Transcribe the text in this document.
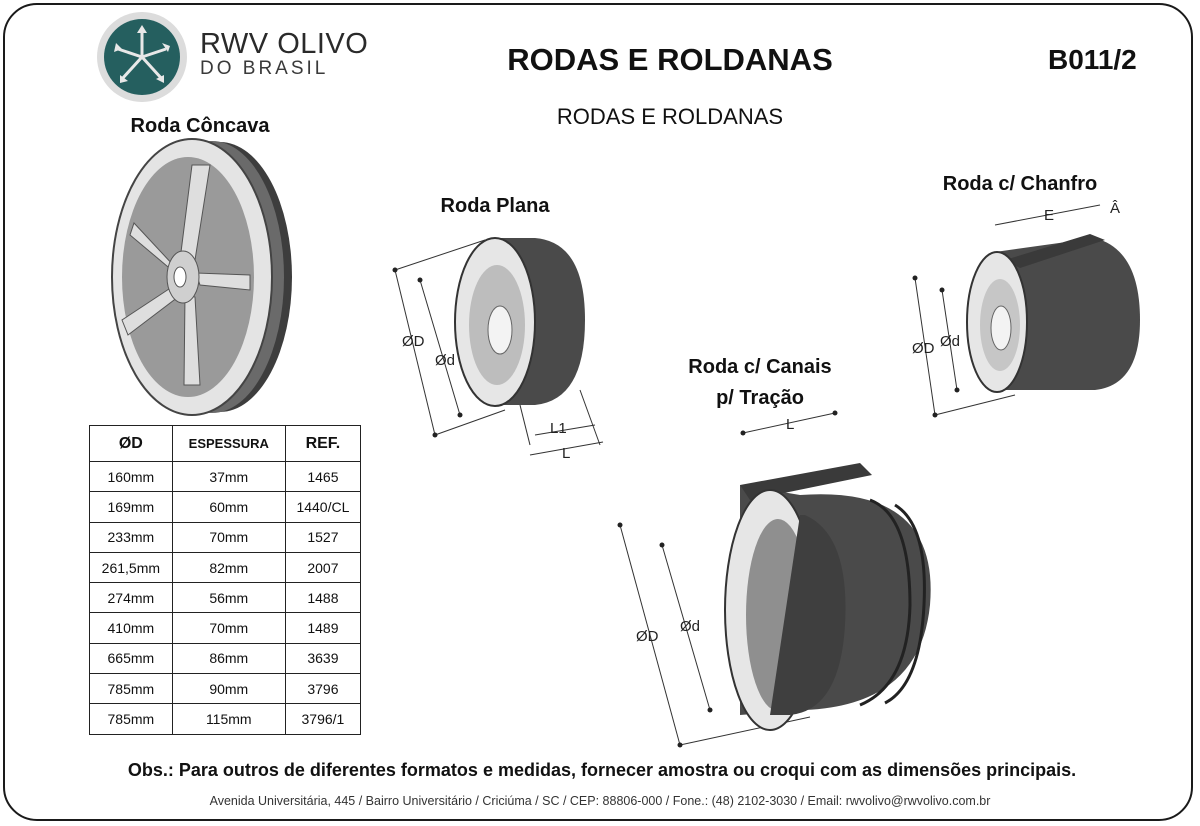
RWV OLIVO
DO BRASIL	RODAS E ROLDANAS	B011/2
RODAS E ROLDANAS
Roda Côncava
ØD	ESPESSURA	REF.
160mm	37mm	1465
169mm	60mm	1440/CL
233mm	70mm	1527
261,5mm	82mm	2007
274mm	56mm	1488
410mm	70mm	1489
665mm	86mm	3639
785mm	90mm	3796
785mm	115mm	3796/1
Roda Plana
ØD
Ød
L1
L
Roda c/ Chanfro
E	Â
ØD Ød
Roda c/ Canais
p/ Tração
L
ØD
Ød
Obs.: Para outros de diferentes formatos e medidas, fornecer amostra ou croqui com as dimensões principais.
Avenida Universitária, 445 / Bairro Universitário / Criciúma / SC / CEP: 88806-000 / Fone.: (48) 2102-3030 / Email: rwvolivo@rwvolivo.com.br
